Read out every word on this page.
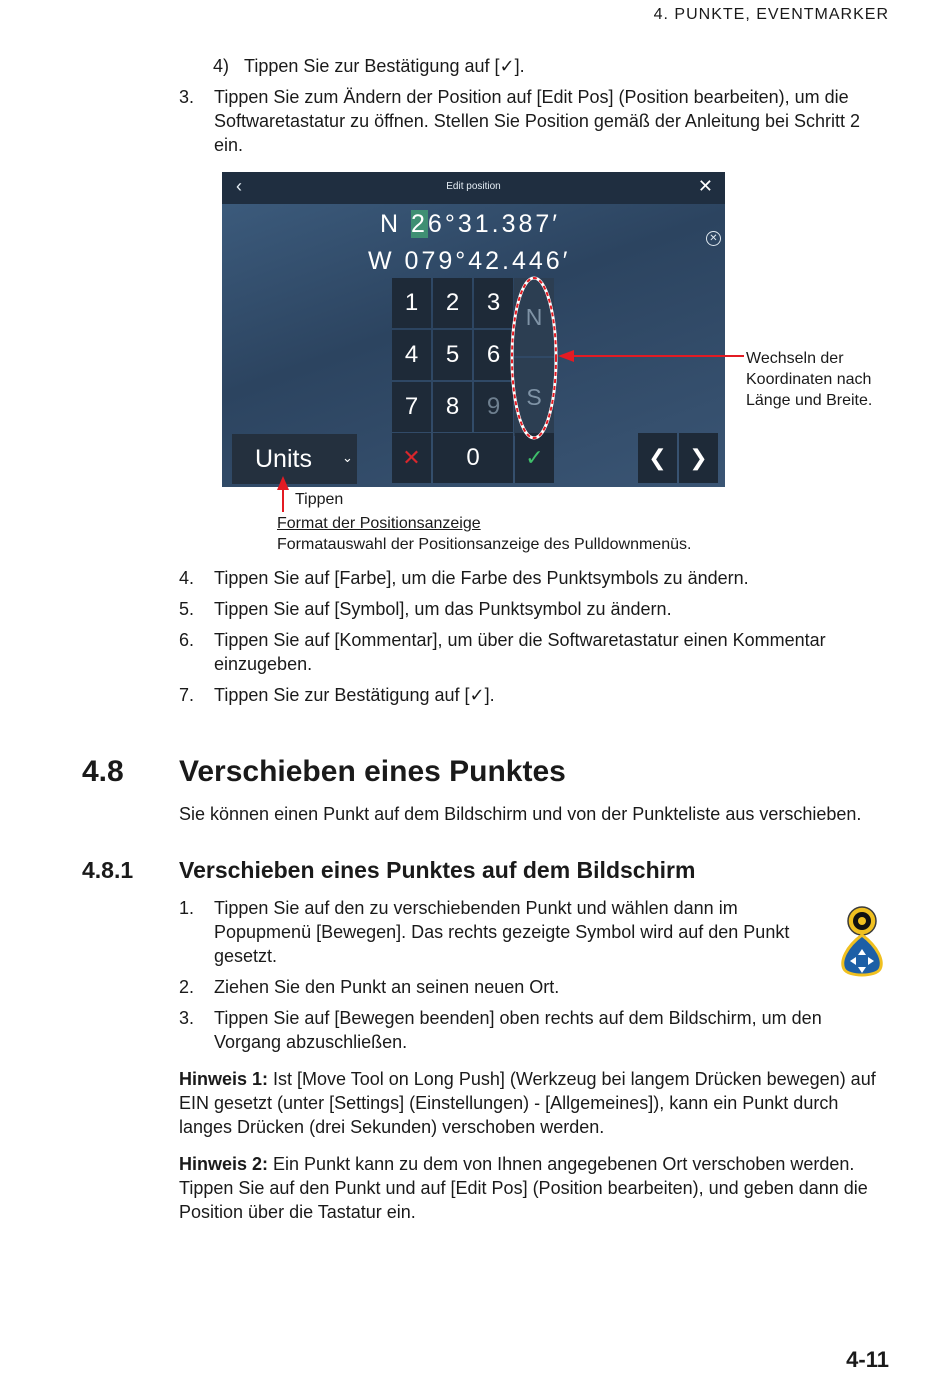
4. PUNKTE, EVENTMARKER
4) Tippen Sie zur Bestätigung auf [✓].
3. Tippen Sie zum Ändern der Position auf [Edit Pos] (Position bearbeiten), um die Softwaretastatur zu öffnen. Stellen Sie Position gemäß der Anleitung bei Schritt 2 ein.
‹	Edit position	✕
N 26°31.387′
W 079°42.446′
✕
1	2	3
4	5	6
7	8	9
N
S
Units ⌄	✕	0	✓	❮	❯
Wechseln der
Koordinaten nach
Länge und Breite.
Tippen
Format der Positionsanzeige
Formatauswahl der Positionsanzeige des Pulldownmenüs.
4. Tippen Sie auf [Farbe], um die Farbe des Punktsymbols zu ändern.
5. Tippen Sie auf [Symbol], um das Punktsymbol zu ändern.
6. Tippen Sie auf [Kommentar], um über die Softwaretastatur einen Kommentar einzugeben.
7. Tippen Sie zur Bestätigung auf [✓].
4.8 Verschieben eines Punktes
Sie können einen Punkt auf dem Bildschirm und von der Punkteliste aus verschieben.
4.8.1 Verschieben eines Punktes auf dem Bildschirm
1. Tippen Sie auf den zu verschiebenden Punkt und wählen dann im Popupmenü [Bewegen]. Das rechts gezeigte Symbol wird auf den Punkt gesetzt.
2. Ziehen Sie den Punkt an seinen neuen Ort.
3. Tippen Sie auf [Bewegen beenden] oben rechts auf dem Bildschirm, um den Vorgang abzuschließen.
Hinweis 1: Ist [Move Tool on Long Push] (Werkzeug bei langem Drücken bewegen) auf EIN gesetzt (unter [Settings] (Einstellungen) - [Allgemeines]), kann ein Punkt durch langes Drücken (drei Sekunden) verschoben werden.
Hinweis 2: Ein Punkt kann zu dem von Ihnen angegebenen Ort verschoben werden. Tippen Sie auf den Punkt und auf [Edit Pos] (Position bearbeiten), und geben dann die Position über die Tastatur ein.
4-11
